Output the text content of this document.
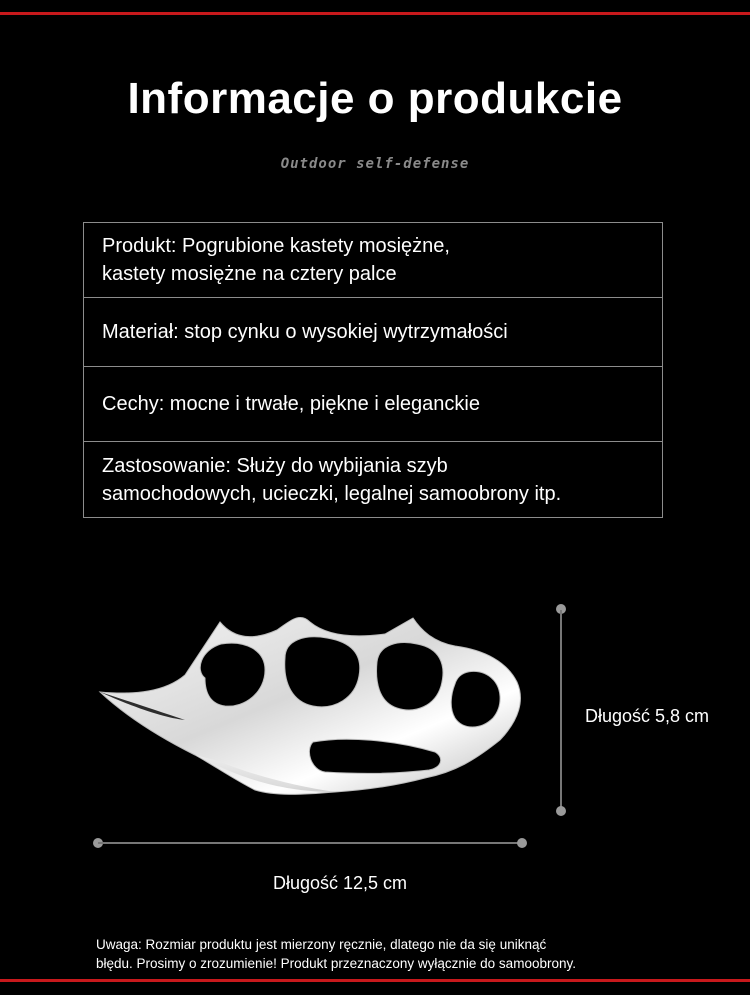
Informacje o produkcie
Outdoor self-defense
Produkt: Pogrubione kastety mosiężne,
kastety mosiężne na cztery palce
Materiał: stop cynku o wysokiej wytrzymałości
Cechy: mocne i trwałe, piękne i eleganckie
Zastosowanie: Służy do wybijania szyb
samochodowych, ucieczki, legalnej samoobrony itp.
Długość 5,8 cm
Długość 12,5 cm
Uwaga: Rozmiar produktu jest mierzony ręcznie, dlatego nie da się uniknąć
błędu. Prosimy o zrozumienie! Produkt przeznaczony wyłącznie do samoobrony.
